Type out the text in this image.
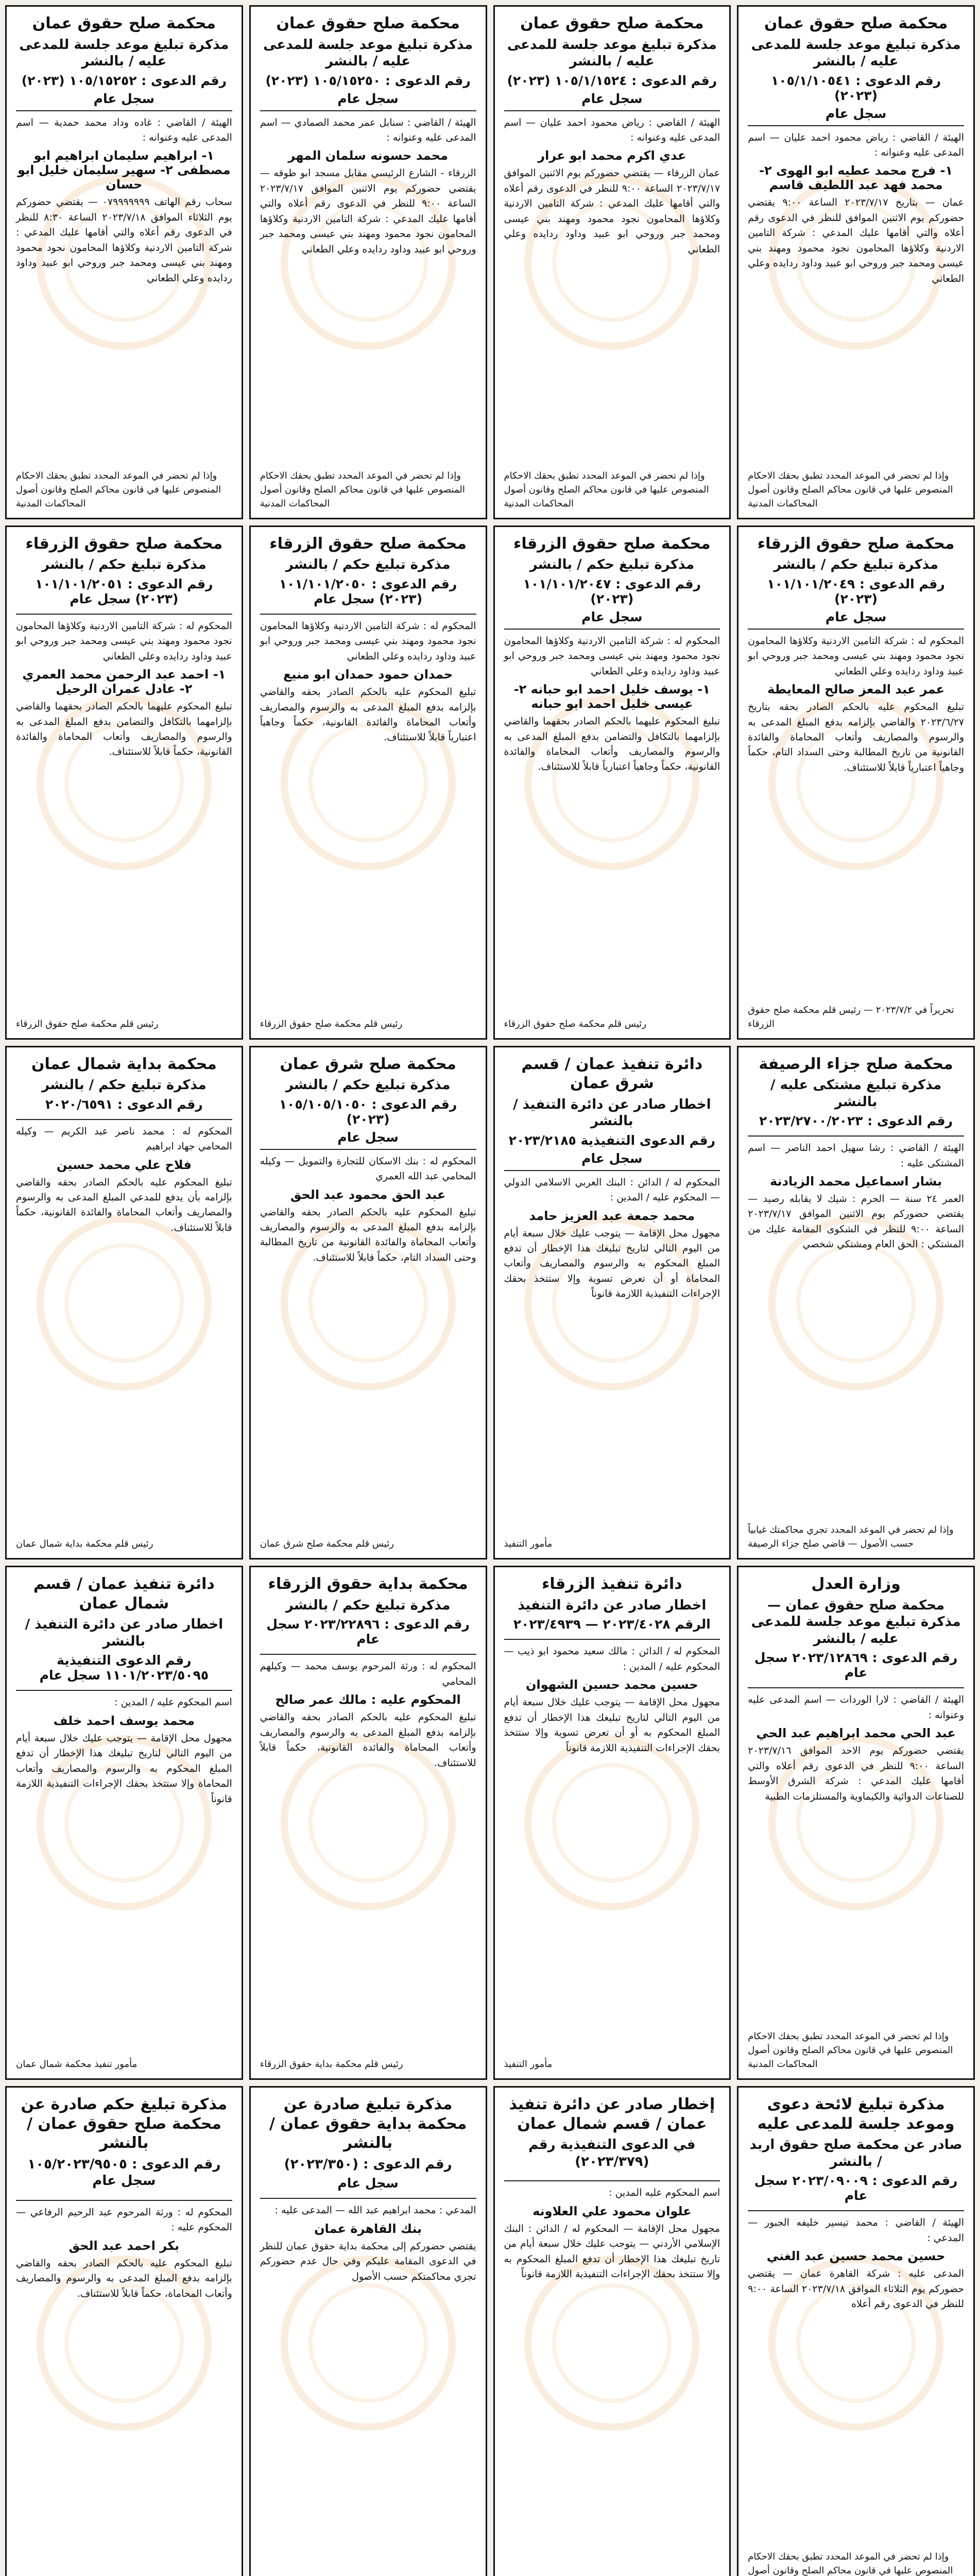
محكمة صلح حقوق عمان
مذكرة تبليغ موعد جلسة للمدعى عليه / بالنشر
رقم الدعوى : ١٠٥/١/١٠٥٤١ (٢٠٢٣)
سجل عام
الهيئة / القاضي : رياض محمود احمد عليان — اسم المدعى عليه وعنوانه :
١- فرج محمد عطيه ابو الهوى ٢- محمد فهد عبد اللطيف قاسم
عمان — بتاريخ ٢٠٢٣/٧/١٧ الساعة ٩:٠٠ يقتضي حضوركم يوم الاثنين الموافق للنظر في الدعوى رقم أعلاه والتي أقامها عليك المدعي : شركة التامين الاردنية وكلاؤها المحامون نجود محمود ومهند بني عيسى ومحمد جبر وروحي ابو عبيد وداود ردايده وعلي الطعاني
وإذا لم تحضر في الموعد المحدد تطبق بحقك الاحكام المنصوص عليها في قانون محاكم الصلح وقانون أصول المحاكمات المدنية
محكمة صلح حقوق عمان
مذكرة تبليغ موعد جلسة للمدعى عليه / بالنشر
رقم الدعوى : ١٠٥/١/١٥٢٤ (٢٠٢٣)
سجل عام
الهيئة / القاضي : رياض محمود احمد عليان — اسم المدعى عليه وعنوانه :
عدي اكرم محمد ابو عرار
عمان الزرقاء — يقتضي حضوركم يوم الاثنين الموافق ٢٠٢٣/٧/١٧ الساعة ٩:٠٠ للنظر في الدعوى رقم أعلاه والتي أقامها عليك المدعي : شركة التامين الاردنية وكلاؤها المحامون نجود محمود ومهند بني عيسى ومحمد جبر وروحي ابو عبيد وداود ردايده وعلي الطعاني
وإذا لم تحضر في الموعد المحدد تطبق بحقك الاحكام المنصوص عليها في قانون محاكم الصلح وقانون أصول المحاكمات المدنية
محكمة صلح حقوق عمان
مذكرة تبليغ موعد جلسة للمدعى عليه / بالنشر
رقم الدعوى : ١٠٥/١٥٢٥٠ (٢٠٢٣)
سجل عام
الهيئة / القاضي : سنابل عمر محمد الصمادي — اسم المدعى عليه وعنوانه :
محمد حسونه سلمان المهر
الزرقاء - الشارع الرئيسي مقابل مسجد ابو طوقه — يقتضي حضوركم يوم الاثنين الموافق ٢٠٢٣/٧/١٧ الساعة ٩:٠٠ للنظر في الدعوى رقم أعلاه والتي أقامها عليك المدعي : شركة التامين الاردنية وكلاؤها المحامون نجود محمود ومهند بني عيسى ومحمد جبر وروحي ابو عبيد وداود ردايده وعلي الطعاني
وإذا لم تحضر في الموعد المحدد تطبق بحقك الاحكام المنصوص عليها في قانون محاكم الصلح وقانون أصول المحاكمات المدنية
محكمة صلح حقوق عمان
مذكرة تبليغ موعد جلسة للمدعى عليه / بالنشر
رقم الدعوى : ١٠٥/١٥٢٥٢ (٢٠٢٣)
سجل عام
الهيئة / القاضي : غاده وداد محمد حمدية — اسم المدعى عليه وعنوانه :
١- ابراهيم سليمان ابراهيم ابو مصطفى ٢- سهير سليمان خليل ابو حسان
سحاب رقم الهاتف ٠٧٩٩٩٩٩٩٩ — يقتضي حضوركم يوم الثلاثاء الموافق ٢٠٢٣/٧/١٨ الساعة ٨:٣٠ للنظر في الدعوى رقم أعلاه والتي أقامها عليك المدعي : شركة التامين الاردنية وكلاؤها المحامون نجود محمود ومهند بني عيسى ومحمد جبر وروحي ابو عبيد وداود ردايده وعلي الطعاني
وإذا لم تحضر في الموعد المحدد تطبق بحقك الاحكام المنصوص عليها في قانون محاكم الصلح وقانون أصول المحاكمات المدنية
محكمة صلح حقوق الزرقاء
مذكرة تبليغ حكم / بالنشر
رقم الدعوى : ١٠١/١٠١/٢٠٤٩ (٢٠٢٣)
سجل عام
المحكوم له : شركة التامين الاردنية وكلاؤها المحامون نجود محمود ومهند بني عيسى ومحمد جبر وروحي ابو عبيد وداود ردايده وعلي الطعاني
عمر عبد المعز صالح المعايطة
تبليغ المحكوم عليه بالحكم الصادر بحقه بتاريخ ٢٠٢٣/٦/٢٧ والقاضي بإلزامه بدفع المبلغ المدعى به والرسوم والمصاريف وأتعاب المحاماة والفائدة القانونية من تاريخ المطالبة وحتى السداد التام، حكماً وجاهياً اعتبارياً قابلاً للاستئناف.
تحريراً في ٢٠٢٣/٧/٢ — رئيس قلم محكمة صلح حقوق الزرقاء
محكمة صلح حقوق الزرقاء
مذكرة تبليغ حكم / بالنشر
رقم الدعوى : ١٠١/١٠١/٢٠٤٧ (٢٠٢٣)
سجل عام
المحكوم له : شركة التامين الاردنية وكلاؤها المحامون نجود محمود ومهند بني عيسى ومحمد جبر وروحي ابو عبيد وداود ردايده وعلي الطعاني
١- يوسف خليل احمد ابو حبانه ٢- عيسى خليل احمد ابو حبانه
تبليغ المحكوم عليهما بالحكم الصادر بحقهما والقاضي بإلزامهما بالتكافل والتضامن بدفع المبلغ المدعى به والرسوم والمصاريف وأتعاب المحاماة والفائدة القانونية، حكماً وجاهياً اعتبارياً قابلاً للاستئناف.
رئيس قلم محكمة صلح حقوق الزرقاء
محكمة صلح حقوق الزرقاء
مذكرة تبليغ حكم / بالنشر
رقم الدعوى : ١٠١/١٠١/٢٠٥٠ (٢٠٢٣) سجل عام
المحكوم له : شركة التامين الاردنية وكلاؤها المحامون نجود محمود ومهند بني عيسى ومحمد جبر وروحي ابو عبيد وداود ردايده وعلي الطعاني
حمدان حمود حمدان ابو منيع
تبليغ المحكوم عليه بالحكم الصادر بحقه والقاضي بإلزامه بدفع المبلغ المدعى به والرسوم والمصاريف وأتعاب المحاماة والفائدة القانونية، حكماً وجاهياً اعتبارياً قابلاً للاستئناف.
رئيس قلم محكمة صلح حقوق الزرقاء
محكمة صلح حقوق الزرقاء
مذكرة تبليغ حكم / بالنشر
رقم الدعوى : ١٠١/١٠١/٢٠٥١ (٢٠٢٣) سجل عام
المحكوم له : شركة التامين الاردنية وكلاؤها المحامون نجود محمود ومهند بني عيسى ومحمد جبر وروحي ابو عبيد وداود ردايده وعلي الطعاني
١- احمد عبد الرحمن محمد العمري ٢- عادل عمران الرحيل
تبليغ المحكوم عليهما بالحكم الصادر بحقهما والقاضي بإلزامهما بالتكافل والتضامن بدفع المبلغ المدعى به والرسوم والمصاريف وأتعاب المحاماة والفائدة القانونية، حكماً قابلاً للاستئناف.
رئيس قلم محكمة صلح حقوق الزرقاء
محكمة صلح جزاء الرصيفة
مذكرة تبليغ مشتكى عليه / بالنشر
رقم الدعوى : ٢٠٢٣/٢٧٠٠/٢٠٢٣
الهيئة / القاضي : رشا سهيل احمد الناصر — اسم المشتكى عليه :
بشار اسماعيل محمد الزيادنة
العمر ٢٤ سنة — الجرم : شيك لا يقابله رصيد — يقتضي حضوركم يوم الاثنين الموافق ٢٠٢٣/٧/١٧ الساعة ٩:٠٠ للنظر في الشكوى المقامة عليك من المشتكي : الحق العام ومشتكي شخصي
وإذا لم تحضر في الموعد المحدد تجري محاكمتك غيابياً حسب الأصول — قاضي صلح جزاء الرصيفة
دائرة تنفيذ عمان / قسم شرق عمان
اخطار صادر عن دائرة التنفيذ / بالنشر
رقم الدعوى التنفيذية ٢٠٢٣/٢١٨٥
سجل عام
المحكوم له / الدائن : البنك العربي الاسلامي الدولي — المحكوم عليه / المدين :
محمد جمعة عبد العزيز حامد
مجهول محل الإقامة — يتوجب عليك خلال سبعة أيام من اليوم التالي لتاريخ تبليغك هذا الإخطار أن تدفع المبلغ المحكوم به والرسوم والمصاريف وأتعاب المحاماة أو أن تعرض تسوية وإلا ستتخذ بحقك الإجراءات التنفيذية اللازمة قانوناً
مأمور التنفيذ
محكمة صلح شرق عمان
مذكرة تبليغ حكم / بالنشر
رقم الدعوى : ١٠٥/١٠٥/١٠٥٠ (٢٠٢٣)
سجل عام
المحكوم له : بنك الاسكان للتجارة والتمويل — وكيله المحامي عبد الله العمري
عبد الحق محمود عبد الحق
تبليغ المحكوم عليه بالحكم الصادر بحقه والقاضي بإلزامه بدفع المبلغ المدعى به والرسوم والمصاريف وأتعاب المحاماة والفائدة القانونية من تاريخ المطالبة وحتى السداد التام، حكماً قابلاً للاستئناف.
رئيس قلم محكمة صلح شرق عمان
محكمة بداية شمال عمان
مذكرة تبليغ حكم / بالنشر
رقم الدعوى : ٢٠٢٠/٦٥٩١
المحكوم له : محمد ناصر عبد الكريم — وكيله المحامي جهاد ابراهيم
فلاح علي محمد حسين
تبليغ المحكوم عليه بالحكم الصادر بحقه والقاضي بإلزامه بأن يدفع للمدعي المبلغ المدعى به والرسوم والمصاريف وأتعاب المحاماة والفائدة القانونية، حكماً قابلاً للاستئناف.
رئيس قلم محكمة بداية شمال عمان
وزارة العدل
محكمة صلح حقوق عمان — مذكرة تبليغ موعد جلسة للمدعى عليه / بالنشر
رقم الدعوى : ٢٠٢٣/١٢٨٦٩ سجل عام
الهيئة / القاضي : لارا الوردات — اسم المدعى عليه وعنوانه :
عبد الحي محمد ابراهيم عبد الحي
يقتضي حضوركم يوم الاحد الموافق ٢٠٢٣/٧/١٦ الساعة ٩:٠٠ للنظر في الدعوى رقم أعلاه والتي أقامها عليك المدعي : شركة الشرق الأوسط للصناعات الدوائية والكيماوية والمستلزمات الطبية
وإذا لم تحضر في الموعد المحدد تطبق بحقك الاحكام المنصوص عليها في قانون محاكم الصلح وقانون أصول المحاكمات المدنية
دائرة تنفيذ الزرقاء
اخطار صادر عن دائرة التنفيذ
الرقم ٢٠٢٣/٤٠٢٨ — ٢٠٢٣/٤٩٣٩
المحكوم له / الدائن : مالك سعيد محمود ابو ذيب — المحكوم عليه / المدين :
حسين محمد حسين الشهوان
مجهول محل الإقامة — يتوجب عليك خلال سبعة أيام من اليوم التالي لتاريخ تبليغك هذا الإخطار أن تدفع المبلغ المحكوم به أو أن تعرض تسوية وإلا ستتخذ بحقك الإجراءات التنفيذية اللازمة قانوناً
مأمور التنفيذ
محكمة بداية حقوق الزرقاء
مذكرة تبليغ حكم / بالنشر
رقم الدعوى : ٢٠٢٣/٢٢٨٩٦ سجل عام
المحكوم له : ورثة المرحوم يوسف محمد — وكيلهم المحامي
المحكوم عليه : مالك عمر صالح
تبليغ المحكوم عليه بالحكم الصادر بحقه والقاضي بإلزامه بدفع المبلغ المدعى به والرسوم والمصاريف وأتعاب المحاماة والفائدة القانونية، حكماً قابلاً للاستئناف.
رئيس قلم محكمة بداية حقوق الزرقاء
دائرة تنفيذ عمان / قسم شمال عمان
اخطار صادر عن دائرة التنفيذ / بالنشر
رقم الدعوى التنفيذية ١١٠١/٢٠٢٣/٥٠٩٥ سجل عام
اسم المحكوم عليه / المدين :
محمد يوسف احمد خلف
مجهول محل الإقامة — يتوجب عليك خلال سبعة أيام من اليوم التالي لتاريخ تبليغك هذا الإخطار أن تدفع المبلغ المحكوم به والرسوم والمصاريف وأتعاب المحاماة وإلا ستتخذ بحقك الإجراءات التنفيذية اللازمة قانوناً
مأمور تنفيذ محكمة شمال عمان
مذكرة تبليغ لائحة دعوى وموعد جلسة للمدعى عليه
صادر عن محكمة صلح حقوق اربد / بالنشر
رقم الدعوى : ٢٠٢٣/٠٩٠٠٩ سجل عام
الهيئة / القاضي : محمد تيسير خليفه الجبور — المدعي :
حسين محمد حسين عبد الغني
المدعى عليه : شركة القاهرة عمان — يقتضي حضوركم يوم الثلاثاء الموافق ٢٠٢٣/٧/١٨ الساعة ٩:٠٠ للنظر في الدعوى رقم أعلاه
وإذا لم تحضر في الموعد المحدد تطبق بحقك الاحكام المنصوص عليها في قانون محاكم الصلح وقانون أصول
إخطار صادر عن دائرة تنفيذ عمان / قسم شمال عمان
في الدعوى التنفيذية رقم (٢٠٢٣/٣٧٩)
اسم المحكوم عليه المدين :
علوان محمود علي العلاونه
مجهول محل الإقامة — المحكوم له / الدائن : البنك الإسلامي الأردني — يتوجب عليك خلال سبعة أيام من تاريخ تبليغك هذا الإخطار أن تدفع المبلغ المحكوم به وإلا ستتخذ بحقك الإجراءات التنفيذية اللازمة قانوناً
مذكرة تبليغ صادرة عن محكمة بداية حقوق عمان / بالنشر
رقم الدعوى : (٢٠٢٣/٣٥٠)
سجل عام
المدعي : محمد ابراهيم عبد الله — المدعى عليه :
بنك القاهرة عمان
يقتضي حضوركم إلى محكمة بداية حقوق عمان للنظر في الدعوى المقامة عليكم وفي حال عدم حضوركم تجري محاكمتكم حسب الأصول
مذكرة تبليغ حكم صادرة عن محكمة صلح حقوق عمان / بالنشر
رقم الدعوى : ١٠٥/٢٠٢٣/٩٥٠٥ سجل عام
المحكوم له : ورثة المرحوم عبد الرحيم الرفاعي — المحكوم عليه :
بكر احمد عبد الحق
تبليغ المحكوم عليه بالحكم الصادر بحقه والقاضي بإلزامه بدفع المبلغ المدعى به والرسوم والمصاريف وأتعاب المحاماة، حكماً قابلاً للاستئناف.
